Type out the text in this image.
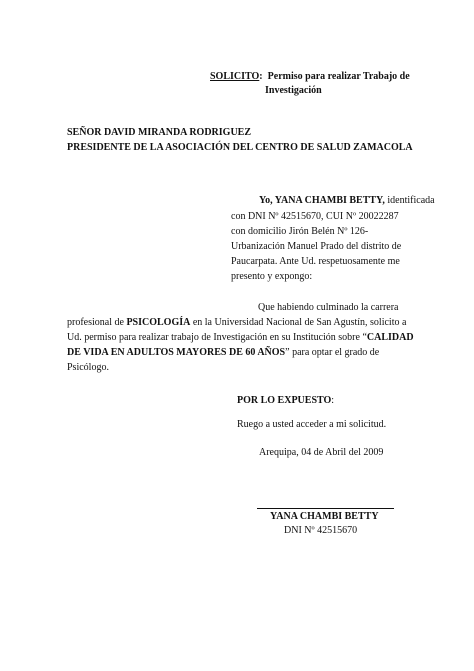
SOLICITO: Permiso para realizar Trabajo de
Investigación
SEÑOR DAVID MIRANDA RODRIGUEZ
PRESIDENTE DE LA ASOCIACIÓN DEL CENTRO DE SALUD ZAMACOLA
Yo, YANA CHAMBI BETTY, identificada
con DNI Nº 42515670, CUI Nº 20022287
con domicilio Jirón Belén Nº 126-
Urbanización Manuel Prado del distrito de
Paucarpata. Ante Ud. respetuosamente me
presento y expongo:
Que habiendo culminado la carrera
profesional de PSICOLOGÍA en la Universidad Nacional de San Agustín, solicito a
Ud. permiso para realizar trabajo de Investigación en su Institución sobre “CALIDAD
DE VIDA EN ADULTOS MAYORES DE 60 AÑOS” para optar el grado de
Psicólogo.
POR LO EXPUESTO:
Ruego a usted acceder a mi solicitud.
Arequipa, 04 de Abril del 2009
YANA CHAMBI BETTY
DNI Nº 42515670
